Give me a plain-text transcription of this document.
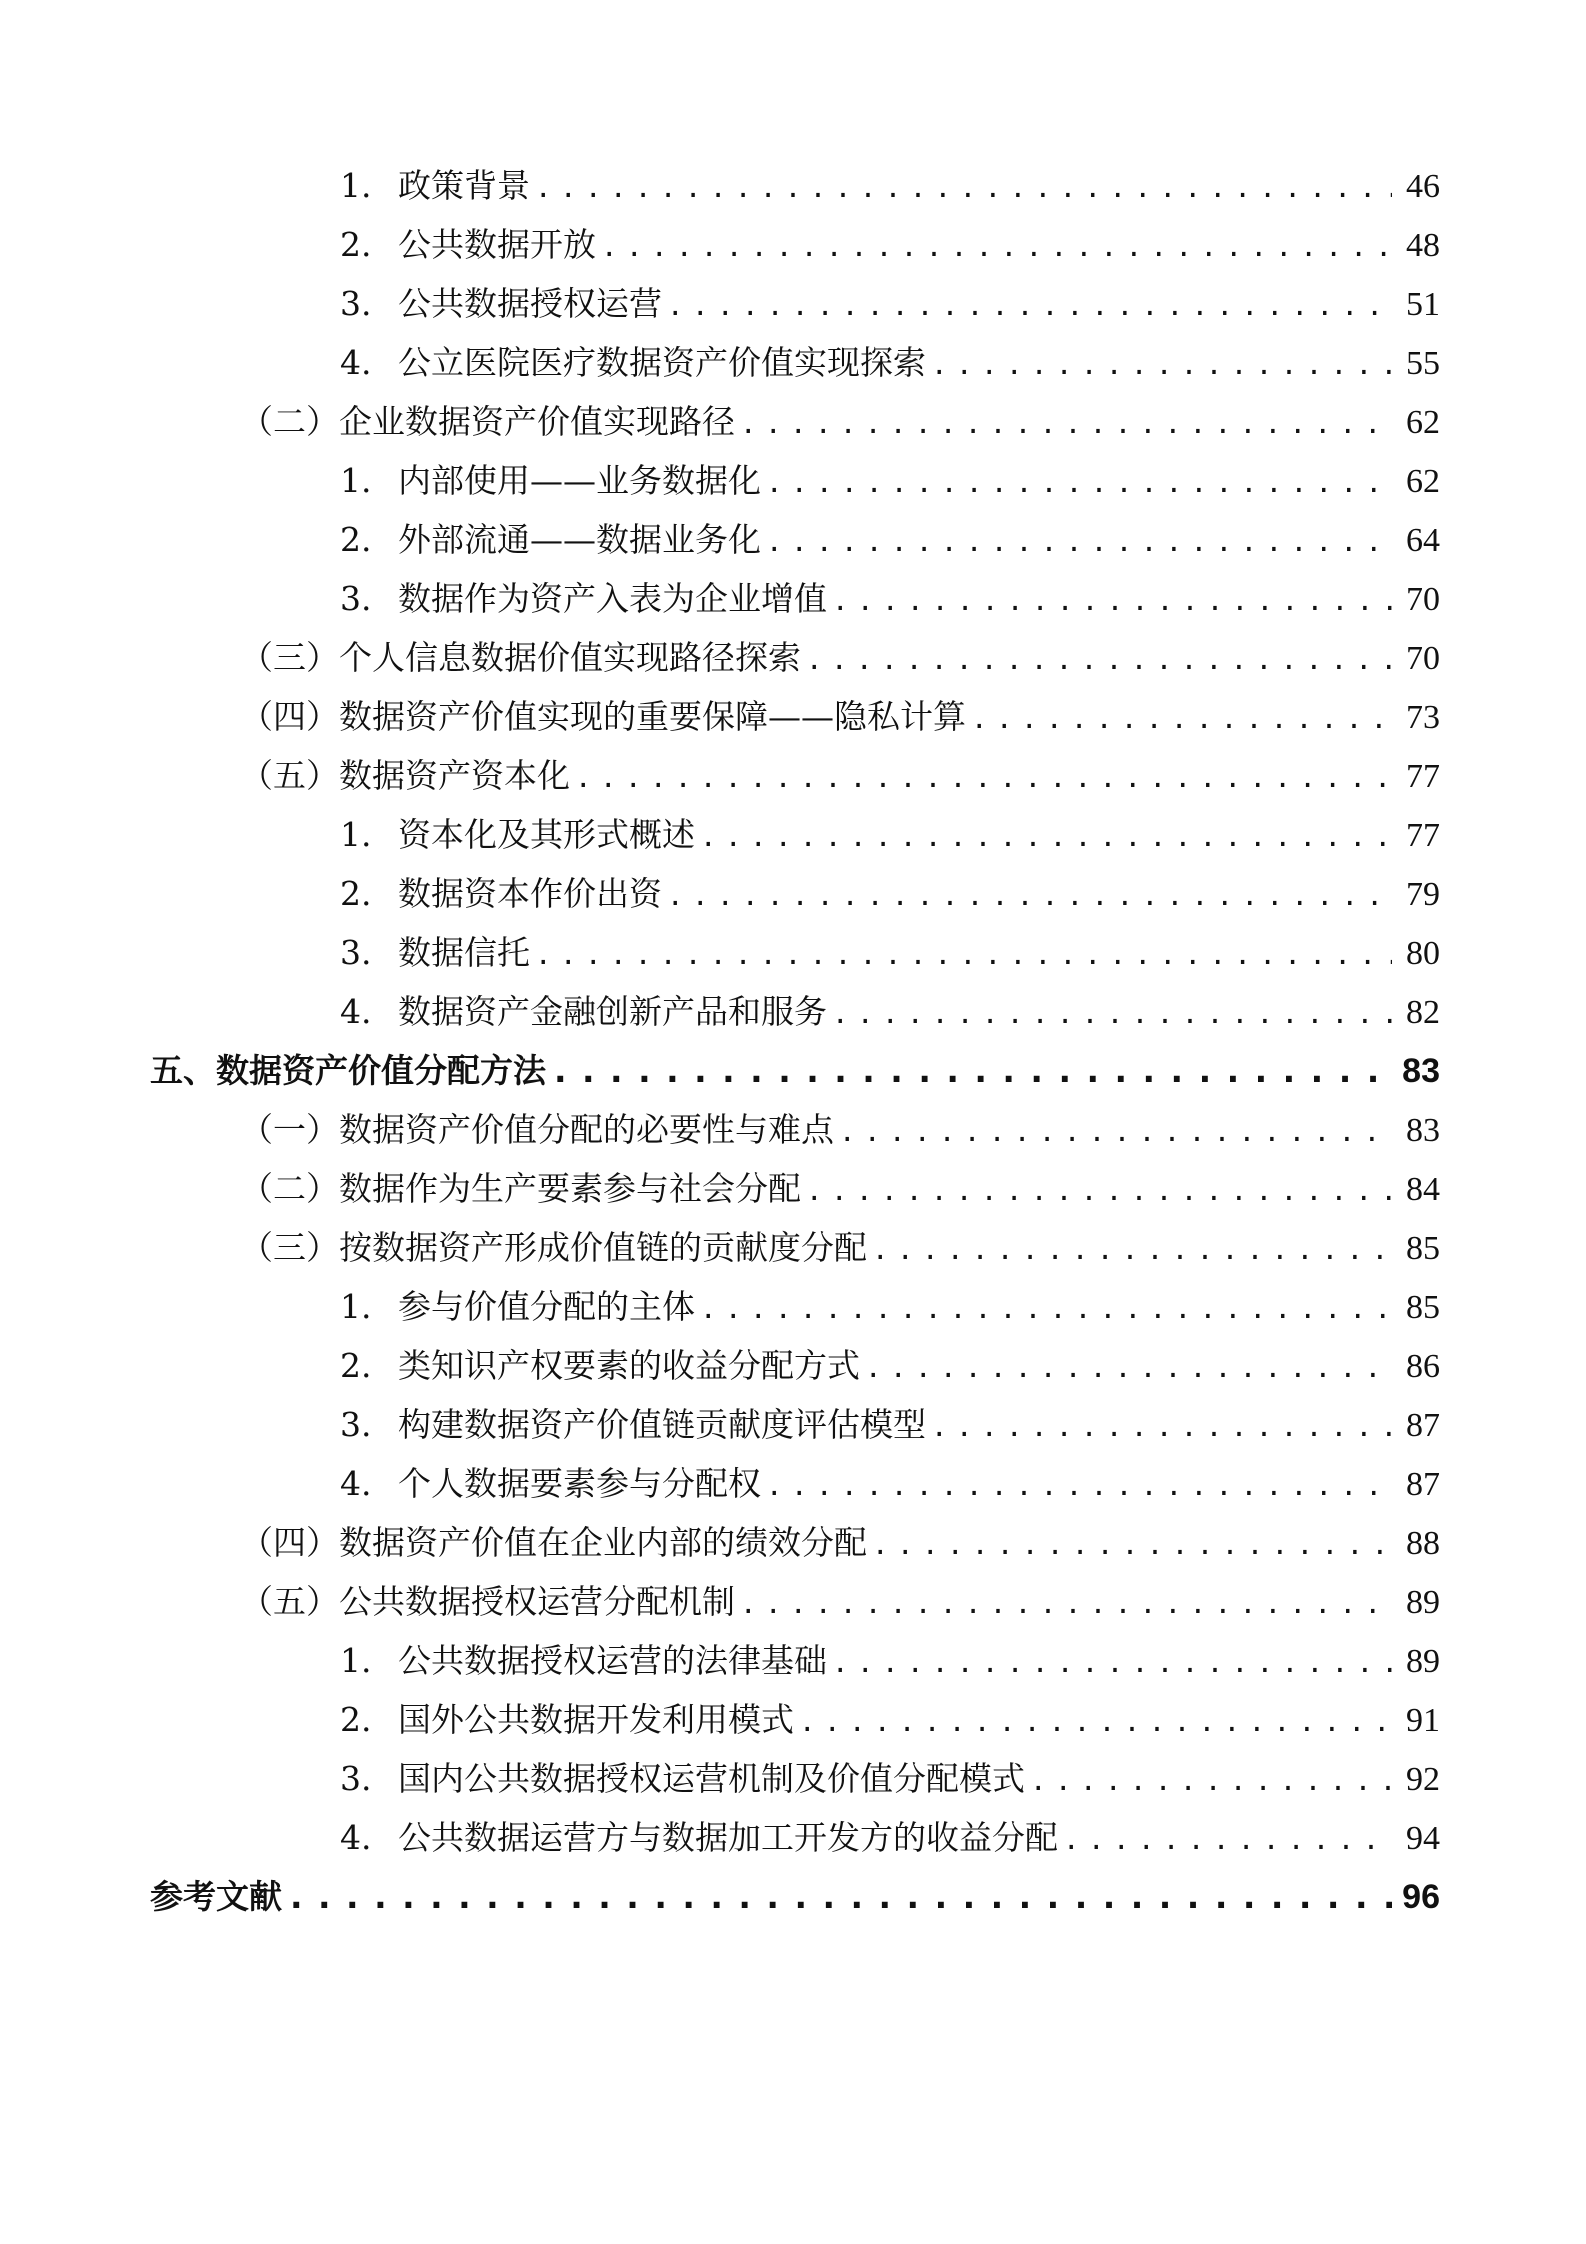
1. 政策背景 . . .	46
2. 公共数据开放 . . .	48
3. 公共数据授权运营 . . .	51
4. 公立医院医疗数据资产价值实现探索 . . .	55
（二） 企业数据资产价值实现路径 . . .	62
1. 内部使用——业务数据化 . . .	62
2. 外部流通——数据业务化 . . .	64
3. 数据作为资产入表为企业增值 . . .	70
（三） 个人信息数据价值实现路径探索 . . .	70
（四） 数据资产价值实现的重要保障——隐私计算 . . .	73
（五） 数据资产资本化 . . .	77
1. 资本化及其形式概述 . . .	77
2. 数据资本作价出资 . . .	79
3. 数据信托 . . .	80
4. 数据资产金融创新产品和服务 . . .	82
五、 数据资产价值分配方法 . . .	83
（一） 数据资产价值分配的必要性与难点 . . .	83
（二） 数据作为生产要素参与社会分配 . . .	84
（三） 按数据资产形成价值链的贡献度分配 . . .	85
1. 参与价值分配的主体 . . .	85
2. 类知识产权要素的收益分配方式 . . .	86
3. 构建数据资产价值链贡献度评估模型 . . .	87
4. 个人数据要素参与分配权 . . .	87
（四） 数据资产价值在企业内部的绩效分配 . . .	88
（五） 公共数据授权运营分配机制 . . .	89
1. 公共数据授权运营的法律基础 . . .	89
2. 国外公共数据开发利用模式 . . .	91
3. 国内公共数据授权运营机制及价值分配模式 . . .	92
4. 公共数据运营方与数据加工开发方的收益分配 . . .	94
参考文献 . . .	96
